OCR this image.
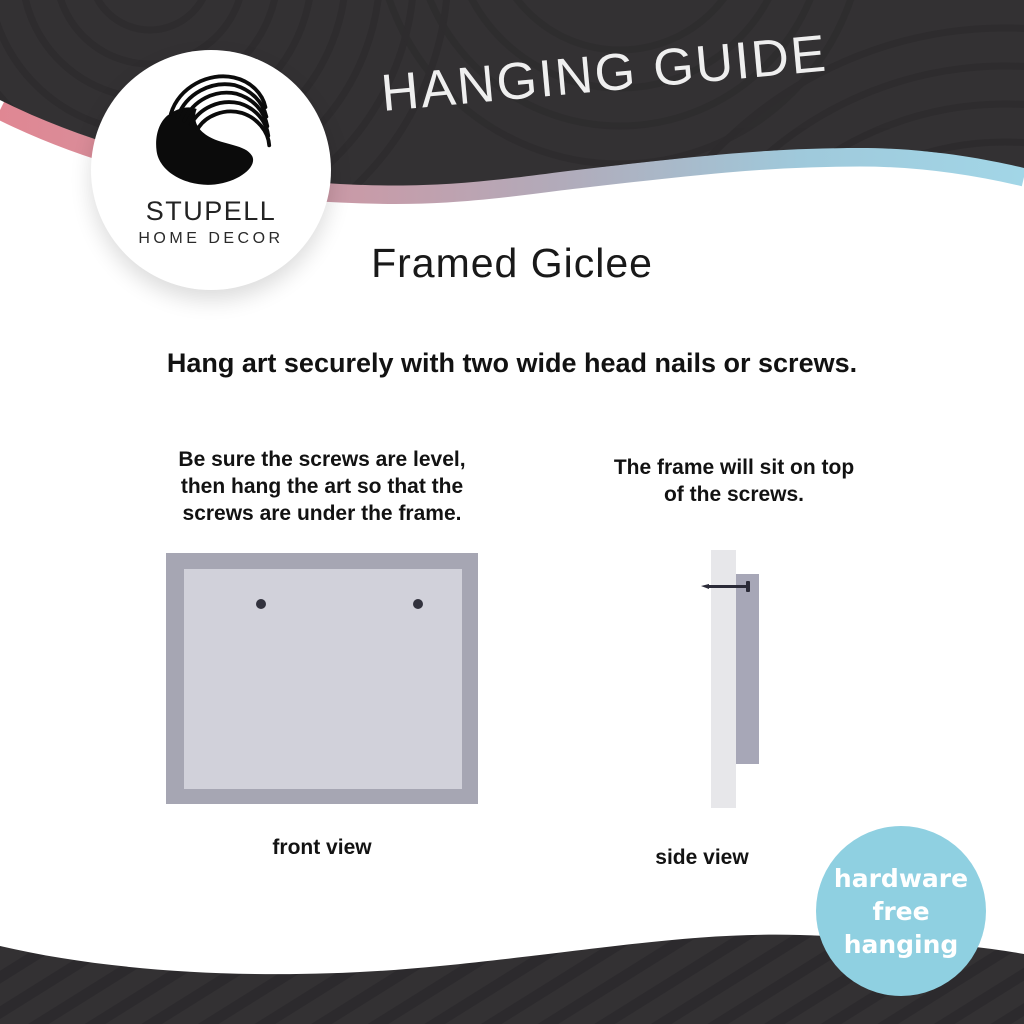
HANGING GUIDE
STUPELL
HOME DECOR
Framed Giclee
Hang art securely with two wide head nails or screws.
Be sure the screws are level,
then hang the art so that the
screws are under the frame.
front view
The frame will sit on top
of the screws.
side view
hardware
free
hanging
